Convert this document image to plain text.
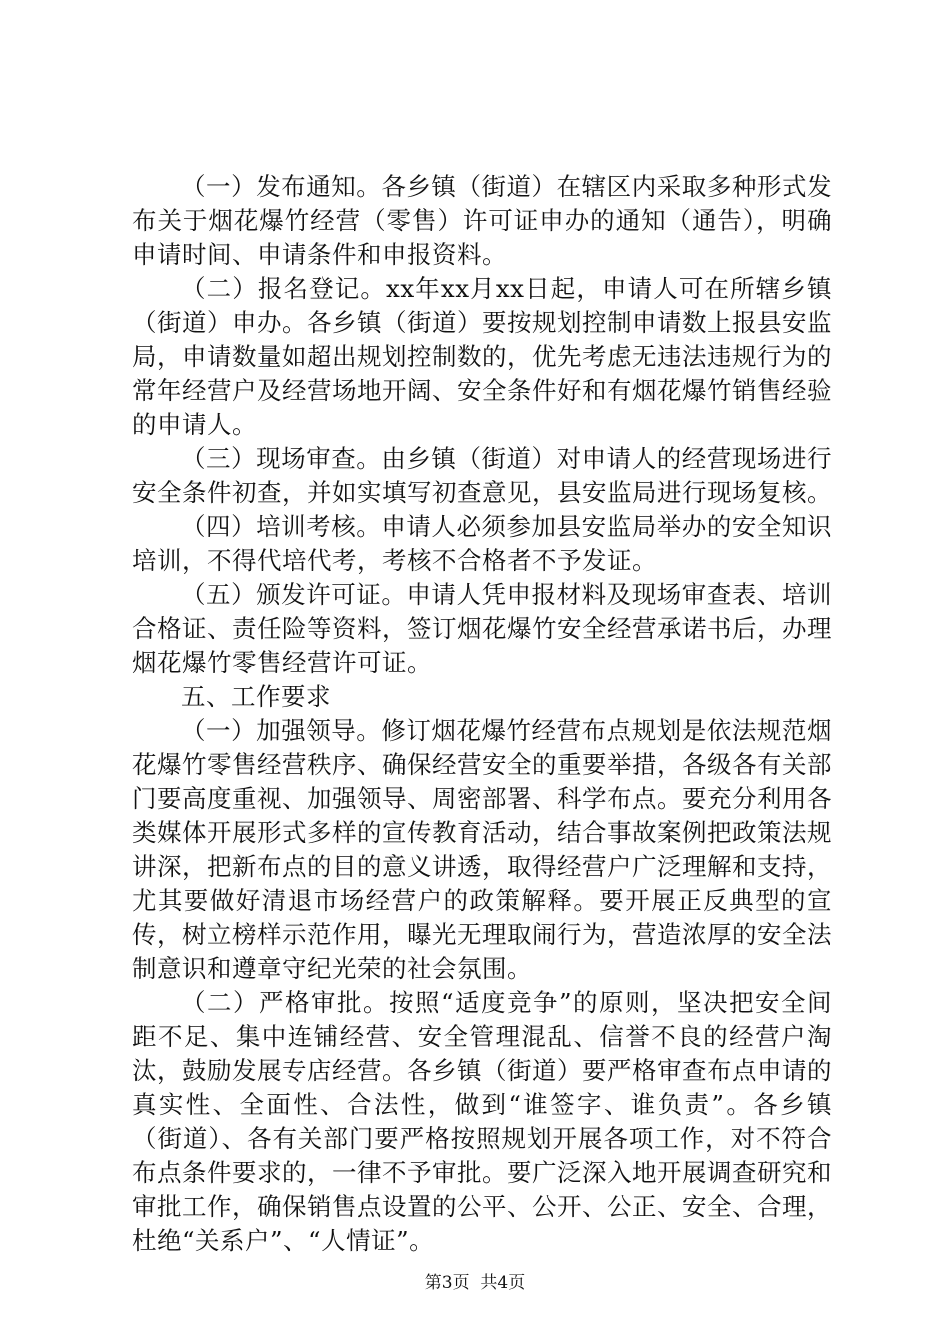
（一）发布通知。各乡镇（街道）在辖区内采取多种形式发布关于烟花爆竹经营（零售）许可证申办的通知（通告），明确申请时间、申请条件和申报资料。

（二）报名登记。xx年xx月xx日起，申请人可在所辖乡镇（街道）申办。各乡镇（街道）要按规划控制申请数上报县安监局，申请数量如超出规划控制数的，优先考虑无违法违规行为的常年经营户及经营场地开阔、安全条件好和有烟花爆竹销售经验的申请人。

（三）现场审查。由乡镇（街道）对申请人的经营现场进行安全条件初查，并如实填写初查意见，县安监局进行现场复核。

（四）培训考核。申请人必须参加县安监局举办的安全知识培训，不得代培代考，考核不合格者不予发证。

（五）颁发许可证。申请人凭申报材料及现场审查表、培训合格证、责任险等资料，签订烟花爆竹安全经营承诺书后，办理烟花爆竹零售经营许可证。

五、工作要求

（一）加强领导。修订烟花爆竹经营布点规划是依法规范烟花爆竹零售经营秩序、确保经营安全的重要举措，各级各有关部门要高度重视、加强领导、周密部署、科学布点。要充分利用各类媒体开展形式多样的宣传教育活动，结合事故案例把政策法规讲深，把新布点的目的意义讲透，取得经营户广泛理解和支持，尤其要做好清退市场经营户的政策解释。要开展正反典型的宣传，树立榜样示范作用，曝光无理取闹行为，营造浓厚的安全法制意识和遵章守纪光荣的社会氛围。

（二）严格审批。按照“适度竞争”的原则，坚决把安全间距不足、集中连铺经营、安全管理混乱、信誉不良的经营户淘汰，鼓励发展专店经营。各乡镇（街道）要严格审查布点申请的真实性、全面性、合法性，做到“谁签字、谁负责”。各乡镇（街道）、各有关部门要严格按照规划开展各项工作，对不符合布点条件要求的，一律不予审批。要广泛深入地开展调查研究和审批工作，确保销售点设置的公平、公开、公正、安全、合理，杜绝“关系户”、“人情证”。

第3页  共4页
